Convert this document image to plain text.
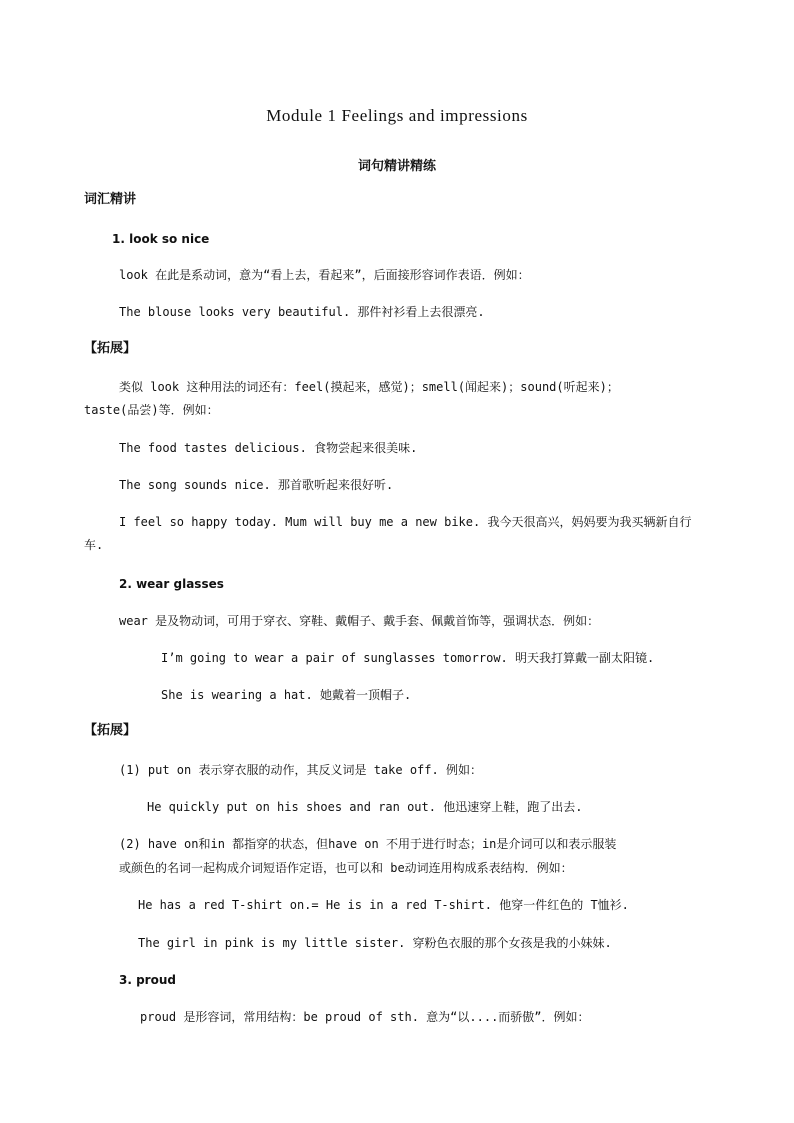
Module 1 Feelings and impressions
词句精讲精练
词汇精讲
1. look so nice
look 在此是系动词，意为“看上去，看起来”，后面接形容词作表语．例如：
The blouse looks very beautiful. 那件衬衫看上去很漂亮.
【拓展】
类似 look 这种用法的词还有：feel(摸起来，感觉)；smell(闻起来)；sound(听起来)；
taste(品尝)等．例如：
The food tastes delicious. 食物尝起来很美味.
The song sounds nice. 那首歌听起来很好听.
I feel so happy today. Mum will buy me a new bike. 我今天很高兴，妈妈要为我买辆新自行
车.
2. wear glasses
wear 是及物动词，可用于穿衣、穿鞋、戴帽子、戴手套、佩戴首饰等，强调状态．例如：
I’m going to wear a pair of sunglasses tomorrow. 明天我打算戴一副太阳镜.
She is wearing a hat. 她戴着一顶帽子.
【拓展】
(1) put on 表示穿衣服的动作，其反义词是 take off. 例如：
He quickly put on his shoes and ran out. 他迅速穿上鞋，跑了出去.
(2) have on和in 都指穿的状态，但have on 不用于进行时态；in是介词可以和表示服装
或颜色的名词一起构成介词短语作定语，也可以和 be动词连用构成系表结构．例如：
He has a red T-shirt on.= He is in a red T-shirt. 他穿一件红色的 T恤衫.
The girl in pink is my little sister. 穿粉色衣服的那个女孩是我的小妹妹.
3. proud
proud 是形容词，常用结构：be proud of sth. 意为“以....而骄傲”．例如：
